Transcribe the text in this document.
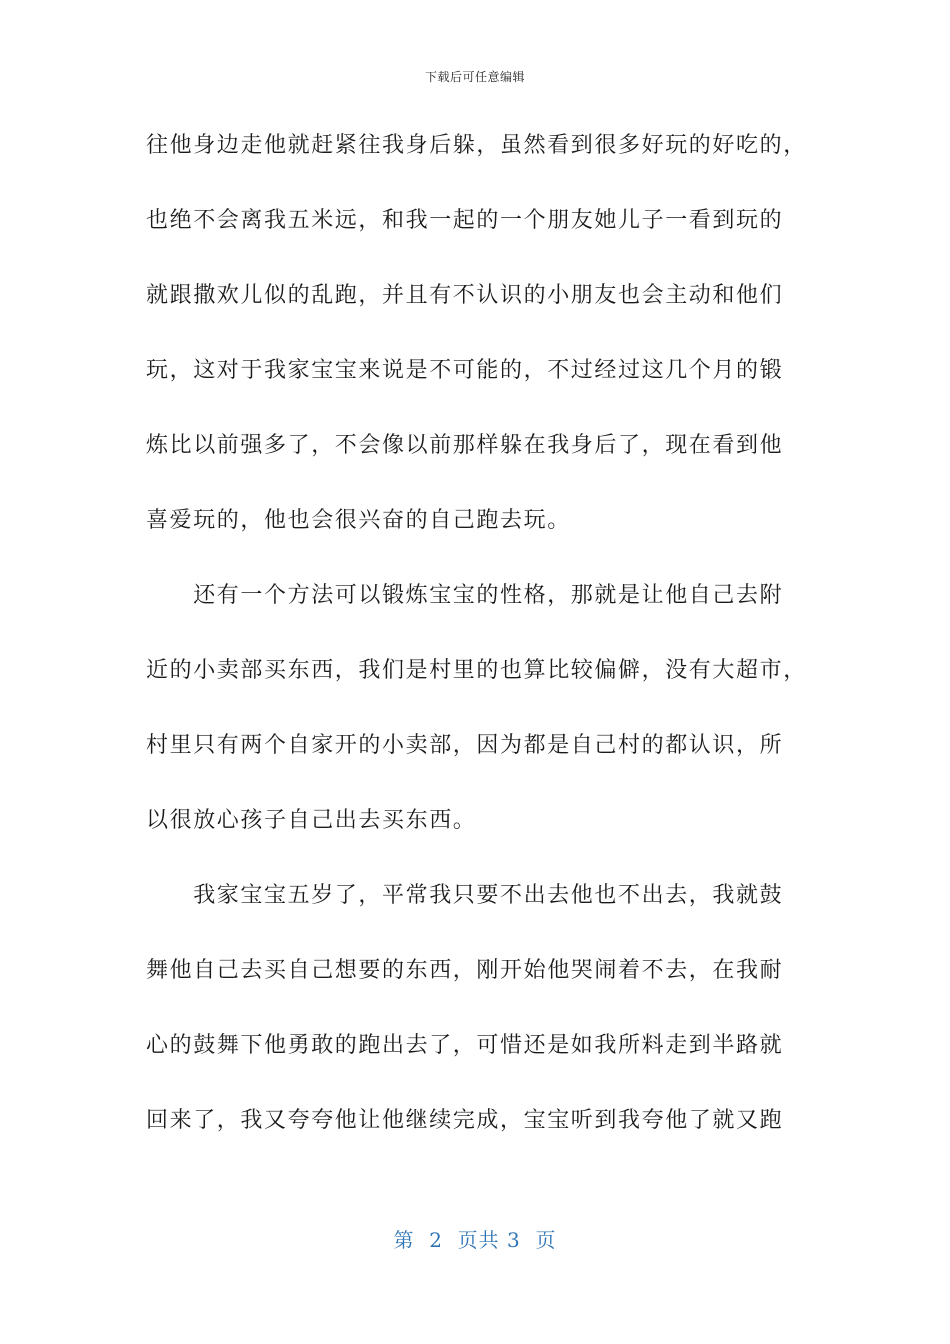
下载后可任意编辑
往他身边走他就赶紧往我身后躲，虽然看到很多好玩的好吃的，
也绝不会离我五米远，和我一起的一个朋友她儿子一看到玩的
就跟撒欢儿似的乱跑，并且有不认识的小朋友也会主动和他们
玩，这对于我家宝宝来说是不可能的，不过经过这几个月的锻
炼比以前强多了，不会像以前那样躲在我身后了，现在看到他
喜爱玩的，他也会很兴奋的自己跑去玩。
　　还有一个方法可以锻炼宝宝的性格，那就是让他自己去附
近的小卖部买东西，我们是村里的也算比较偏僻，没有大超市，
村里只有两个自家开的小卖部，因为都是自己村的都认识，所
以很放心孩子自己出去买东西。
　　我家宝宝五岁了，平常我只要不出去他也不出去，我就鼓
舞他自己去买自己想要的东西，刚开始他哭闹着不去，在我耐
心的鼓舞下他勇敢的跑出去了，可惜还是如我所料走到半路就
回来了，我又夸夸他让他继续完成，宝宝听到我夸他了就又跑
第  2  页共 3  页
